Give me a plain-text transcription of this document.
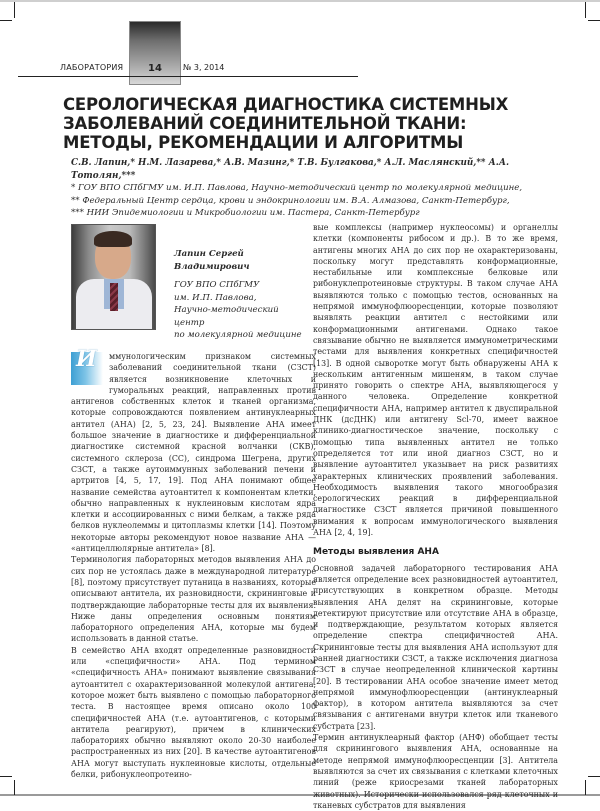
ЛАБОРАТОРИЯ	14	№ 3, 2014
СЕРОЛОГИЧЕСКАЯ ДИАГНОСТИКА СИСТЕМНЫХ
ЗАБОЛЕВАНИЙ СОЕДИНИТЕЛЬНОЙ ТКАНИ:
МЕТОДЫ, РЕКОМЕНДАЦИИ И АЛГОРИТМЫ
С.В. Лапин,* Н.М. Лазарева,* А.В. Мазинг,* Т.В. Булгакова,* А.Л. Маслянский,** А.А. Тотолян,***
* ГОУ ВПО СПбГМУ им. И.П. Павлова, Научно-методический центр по молекулярной медицине,
** Федеральный Центр сердца, крови и эндокринологии им. В.А. Алмазова, Санкт-Петербург,
*** НИИ Эпидемиологии и Микробиологии им. Пастера, Санкт-Петербург
Лапин Сергей Владимирович
ГОУ ВПО СПбГМУ
им. И.П. Павлова,
Научно-методический центр
по молекулярной медицине

И ммунологическим признаком системных заболеваний соединительной ткани (СЗСТ) является возникновение клеточных и гуморальных реакций, направленных против антигенов собственных клеток и тканей организма, которые сопровождаются появлением антинуклеарных антител (АНА) [2, 5, 23, 24]. Выявление АНА имеет большое значение в диагностике и дифференциальной диагностике системной красной волчанки (СКВ), системного склероза (СС), синдрома Шегрена, других СЗСТ, а также аутоиммунных заболеваний печени и артритов [4, 5, 17, 19]. Под АНА понимают общее название семейства аутоантител к компонентам клетки, обычно направленных к нуклеиновым кислотам ядра клетки и ассоциированных с ними белкам, а также ряда белков нуклеолеммы и цитоплазмы клетки [14]. Поэтому некоторые авторы рекомендуют новое название АНА — «антицеллюлярные антитела» [8].

Терминология лабораторных методов выявления АНА до сих пор не устоялась даже в международной литературе [8], поэтому присутствует путаница в названиях, которые описывают антитела, их разновидности, скрининговые и подтверждающие лабораторные тесты для их выявления. Ниже даны определения основным понятиям лабораторного определения АНА, которые мы будем использовать в данной статье.

В семейство АНА входят определенные разновидности или «специфичности» АНА. Под термином «специфичность АНА» понимают выявление связывания аутоантител с охарактеризованной молекулой антигена, которое может быть выявлено с помощью лабораторного теста. В настоящее время описано около 100 специфичностей АНА (т.е. аутоантигенов, с которыми антитела реагируют), причем в клинических лабораториях обычно выявляют около 20-30 наиболее распространенных из них [20]. В качестве аутоантигенов АНА могут выступать нуклеиновые кислоты, отдельные белки, рибонуклеопротеино-

вые комплексы (например нуклеосомы) и органеллы клетки (компоненты рибосом и др.). В то же время, антигены многих АНА до сих пор не охарактеризованы, поскольку могут представлять конформационные, нестабильные или комплексные белковые или рибонуклепротеиновые структуры. В таком случае АНА выявляются только с помощью тестов, основанных на непрямой иммунофлюоресценции, которые позволяют выявлять реакции антител с нестойкими или конформационными антигенами. Однако такое связывание обычно не выявляется иммунометрическими тестами для выявления конкретных специфичностей [13]. В одной сыворотке могут быть обнаружены АНА к нескольким антигенным мишеням, в таком случае принято говорить о спектре АНА, выявляющегося у данного человека. Определение конкретной специфичности АНА, например антител к двуспиральной ДНК (дсДНК) или антигену Scl-70, имеет важное клинико-диагностическое значение, поскольку с помощью типа выявленных антител не только определяется тот или иной диагноз СЗСТ, но и выявление аутоантител указывает на риск развитиях характерных клинических проявлений заболевания. Необходимость выявления такого многообразия серологических реакций в дифференциальной диагностике СЗСТ является причиной повышенного внимания к вопросам иммунологического выявления АНА [2, 4, 19].

Методы выявления АНА

Основной задачей лабораторного тестирования АНА является определение всех разновидностей аутоантител, присутствующих в конкретном образце. Методы выявления АНА делят на скрининговые, которые детектируют присутствие или отсутствие АНА в образце, и подтверждающие, результатом которых является определение спектра специфичностей АНА. Скрининговые тесты для выявления АНА используют для ранней диагностики СЗСТ, а также исключения диагноза СЗСТ в случае неопределенной клинической картины [20]. В тестировании АНА особое значение имеет метод непрямой иммунофлюоресценции (антинуклеарный фактор), в котором антитела выявляются за счет связывания с антигенами внутри клеток или тканевого субстрата [23].

Термин антинуклеарный фактор (АНФ) обобщает тесты для скринингового выявления АНА, основанные на методе непрямой иммунофлюоресценции [3]. Антитела выявляются за счет их связывания с клетками клеточных линий (реже криосрезами тканей лабораторных животных). Исторически использовался ряд клеточных и тканевых субстратов для выявления
